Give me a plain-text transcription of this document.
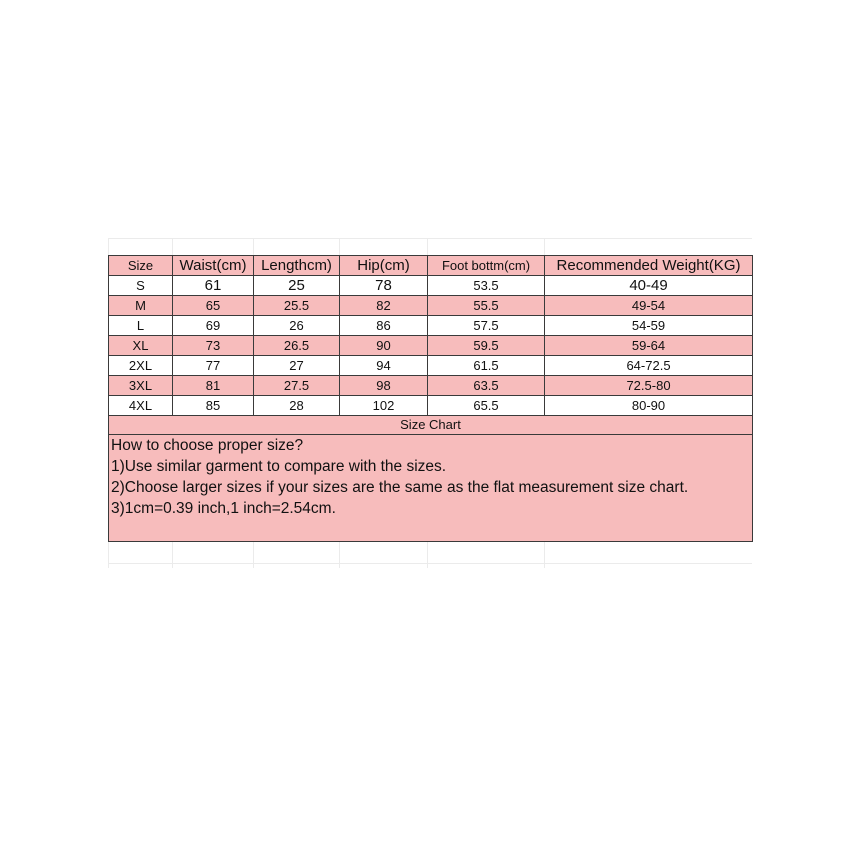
Size	Waist(cm)	Lengthcm)	Hip(cm)	Foot bottm(cm)	Recommended Weight(KG)
S	61	25	78	53.5	40-49
M	65	25.5	82	55.5	49-54
L	69	26	86	57.5	54-59
XL	73	26.5	90	59.5	59-64
2XL	77	27	94	61.5	64-72.5
3XL	81	27.5	98	63.5	72.5-80
4XL	85	28	102	65.5	80-90
Size Chart					

How to choose proper size?
1)Use similar garment to compare with the sizes.
2)Choose larger sizes if your sizes are the same as the flat measurement size chart.
3)1cm=0.39 inch,1 inch=2.54cm.					
